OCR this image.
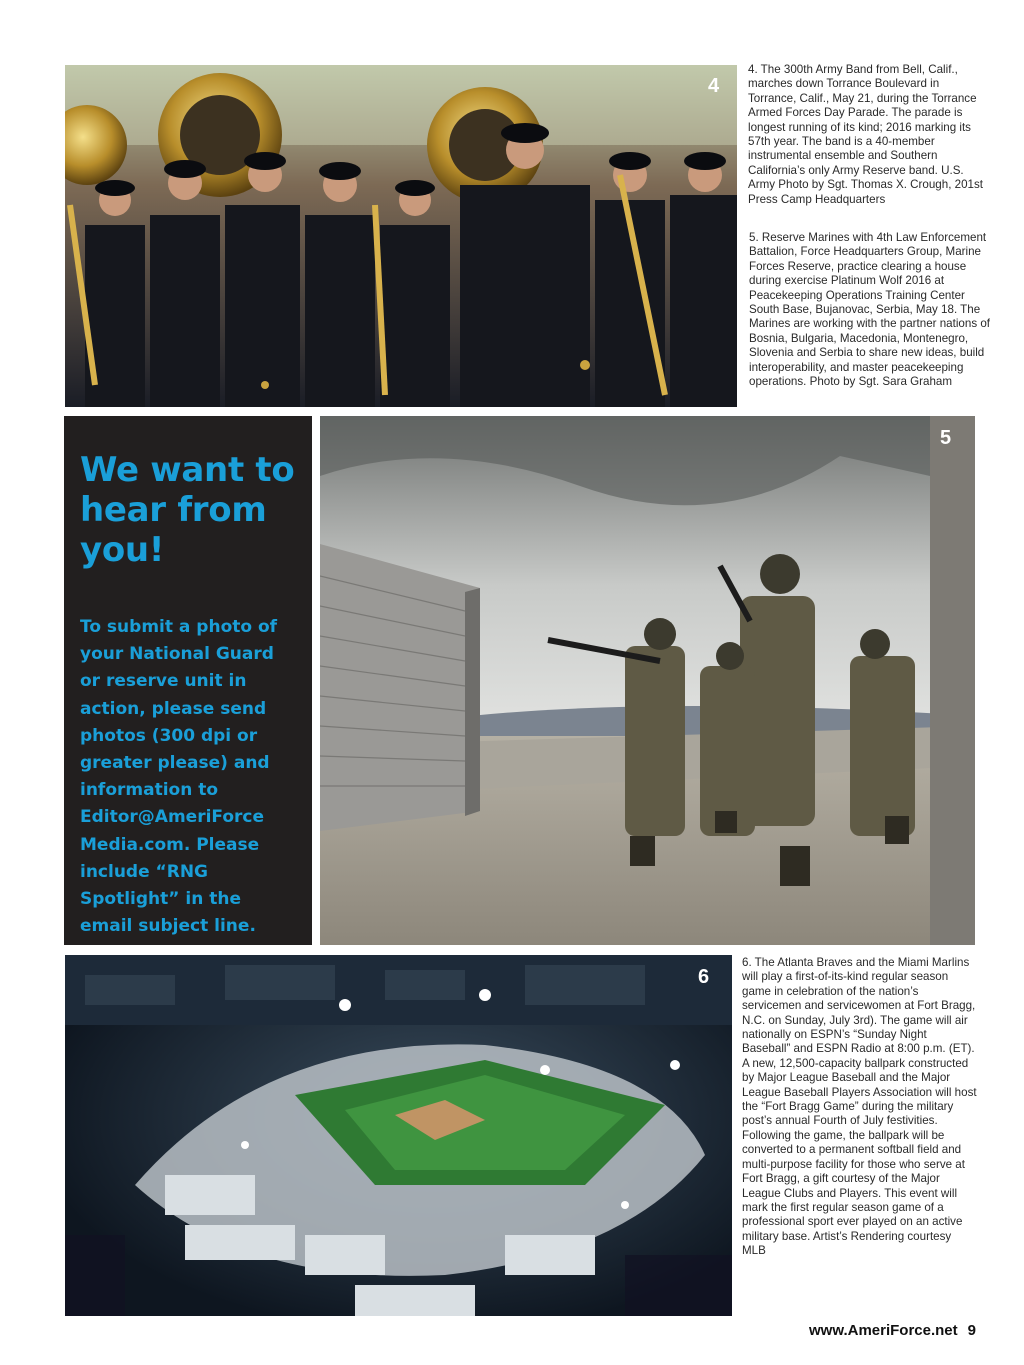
4

4. The 300th Army Band from Bell, Calif., marches down Torrance Boulevard in Torrance, Calif., May 21, during the Torrance Armed Forces Day Parade. The parade is longest running of its kind; 2016 marking its 57th year. The band is a 40-member instrumental ensemble and Southern California’s only Army Reserve band. U.S. Army Photo by Sgt. Thomas X. Crough, 201st Press Camp Headquarters

5. Reserve Marines with 4th Law Enforcement Battalion, Force Headquarters Group, Marine Forces Reserve, practice clearing a house during exercise Platinum Wolf 2016 at Peacekeeping Operations Training Center South Base, Bujanovac, Serbia, May 18. The Marines are working with the partner nations of Bosnia, Bulgaria, Macedonia, Montenegro, Slovenia and Serbia to share new ideas, build interoperability, and master peacekeeping operations. Photo by Sgt. Sara Graham

We want to hear from you!

To submit a photo of your National Guard or reserve unit in action, please send photos (300 dpi or greater please) and information to Editor@AmeriForce Media.com. Please include “RNG Spotlight” in the email subject line.

5
6

6. The Atlanta Braves and the Miami Marlins will play a first-of-its-kind regular season game in celebration of the nation’s servicemen and servicewomen at Fort Bragg, N.C. on Sunday, July 3rd). The game will air nationally on ESPN’s “Sunday Night Baseball” and ESPN Radio at 8:00 p.m. (ET). A new, 12,500-capacity ballpark constructed by Major League Baseball and the Major League Baseball Players Association will host the “Fort Bragg Game” during the military post’s annual Fourth of July festivities. Following the game, the ballpark will be converted to a permanent softball field and multi-purpose facility for those who serve at Fort Bragg, a gift courtesy of the Major League Clubs and Players. This event will mark the first regular season game of a professional sport ever played on an active military base. Artist’s Rendering courtesy MLB

www.AmeriForce.net 9
